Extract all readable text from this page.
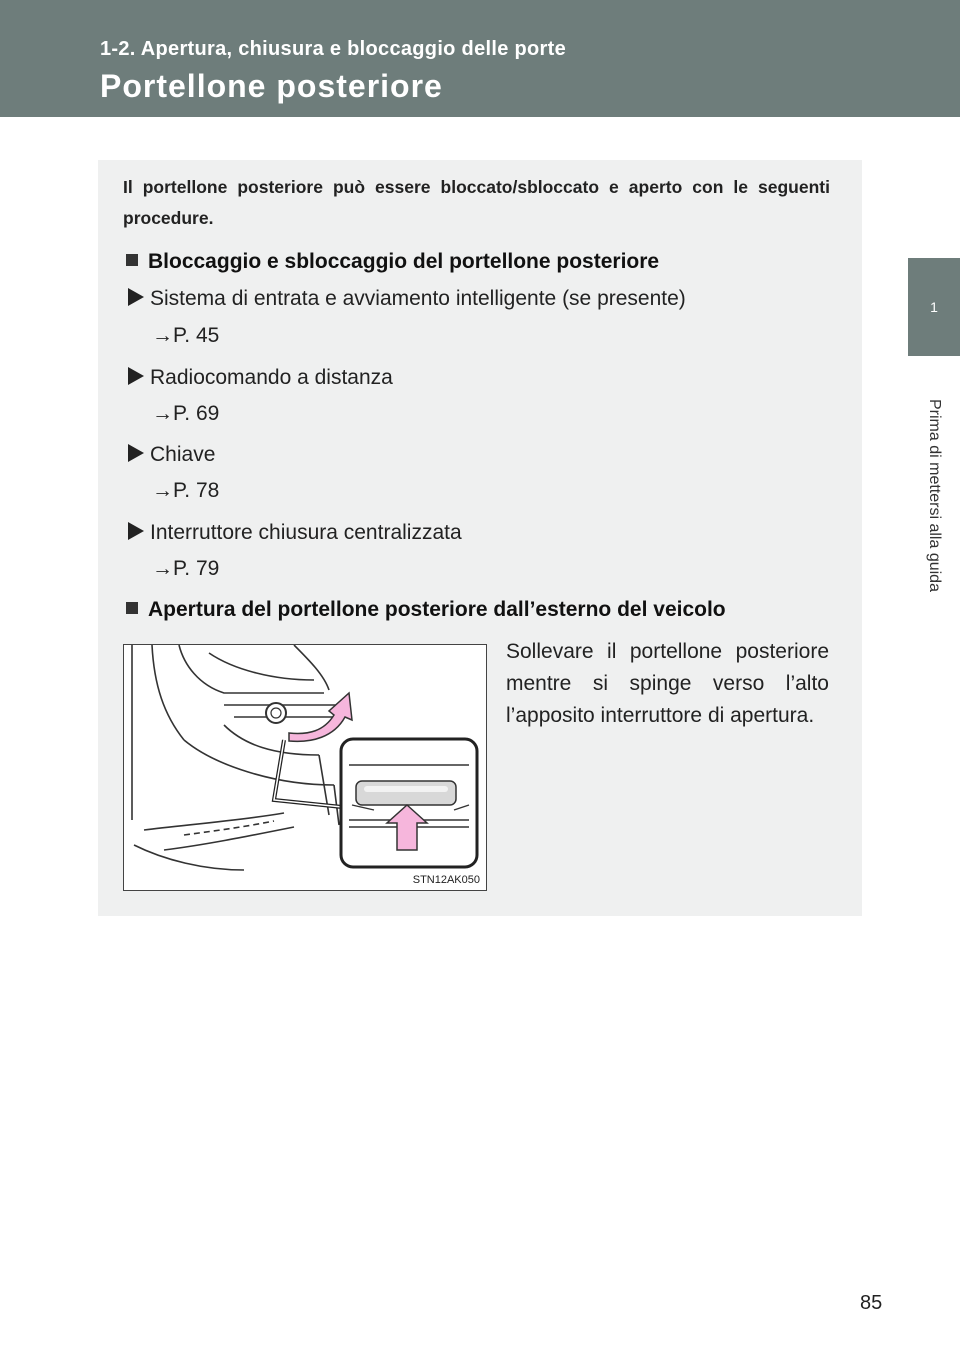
1-2. Apertura, chiusura e bloccaggio delle porte
Portellone posteriore
1
Prima di mettersi alla guida
Il portellone posteriore può essere bloccato/sbloccato e aperto con le seguenti procedure.
Bloccaggio e sbloccaggio del portellone posteriore
Sistema di entrata e avviamento intelligente (se presente)
→P. 45
Radiocomando a distanza
→P. 69
Chiave
→P. 78
Interruttore chiusura centralizzata
→P. 79
Apertura del portellone posteriore dall’esterno del veicolo
STN12AK050
Sollevare il portellone posteriore mentre si spinge verso l’alto l’apposito interruttore di apertura.
85
